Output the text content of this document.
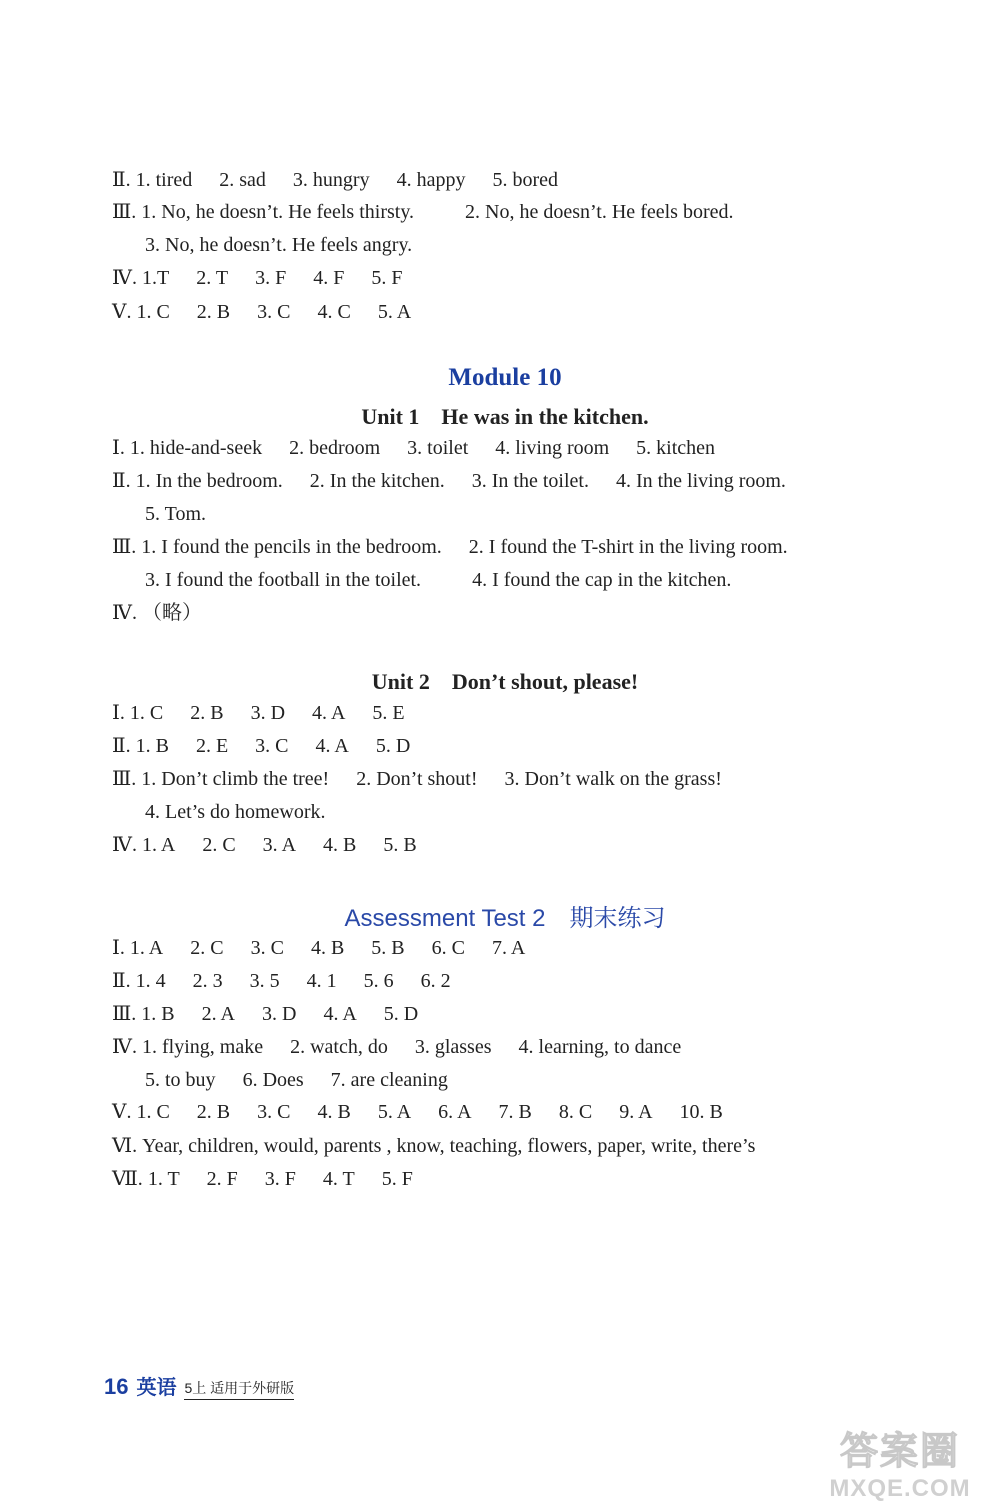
Ⅱ. 1. tired 2. sad 3. hungry 4. happy 5. bored
Ⅲ. 1. No, he doesn’t. He feels thirsty.	2. No, he doesn’t. He feels bored.
3. No, he doesn’t. He feels angry.
Ⅳ. 1.T 2. T 3. F 4. F 5. F
Ⅴ. 1. C 2. B 3. C 4. C 5. A
Module 10
Unit 1　He was in the kitchen.
Ⅰ. 1. hide-and-seek 2. bedroom 3. toilet 4. living room 5. kitchen
Ⅱ. 1. In the bedroom. 2. In the kitchen. 3. In the toilet. 4. In the living room.
5. Tom.
Ⅲ. 1. I found the pencils in the bedroom. 2. I found the T-shirt in the living room.
3. I found the football in the toilet.	4. I found the cap in the kitchen.
Ⅳ. （略）
Unit 2　Don’t shout, please!
Ⅰ. 1. C 2. B 3. D 4. A 5. E
Ⅱ. 1. B 2. E 3. C 4. A 5. D
Ⅲ. 1. Don’t climb the tree! 2. Don’t shout! 3. Don’t walk on the grass!
4. Let’s do homework.
Ⅳ. 1. A 2. C 3. A 4. B 5. B
Assessment Test 2　期末练习
Ⅰ. 1. A 2. C 3. C 4. B 5. B 6. C 7. A
Ⅱ. 1. 4 2. 3 3. 5 4. 1 5. 6 6. 2
Ⅲ. 1. B 2. A 3. D 4. A 5. D
Ⅳ. 1. flying, make 2. watch, do 3. glasses 4. learning, to dance
5. to buy 6. Does 7. are cleaning
Ⅴ. 1. C 2. B 3. C 4. B 5. A 6. A 7. B 8. C 9. A 10. B
Ⅵ. Year, children, would, parents , know, teaching, flowers, paper, write, there’s
Ⅶ. 1. T 2. F 3. F 4. T 5. F
16 英语 5上 适用于外研版
答案圈
MXQE.COM
